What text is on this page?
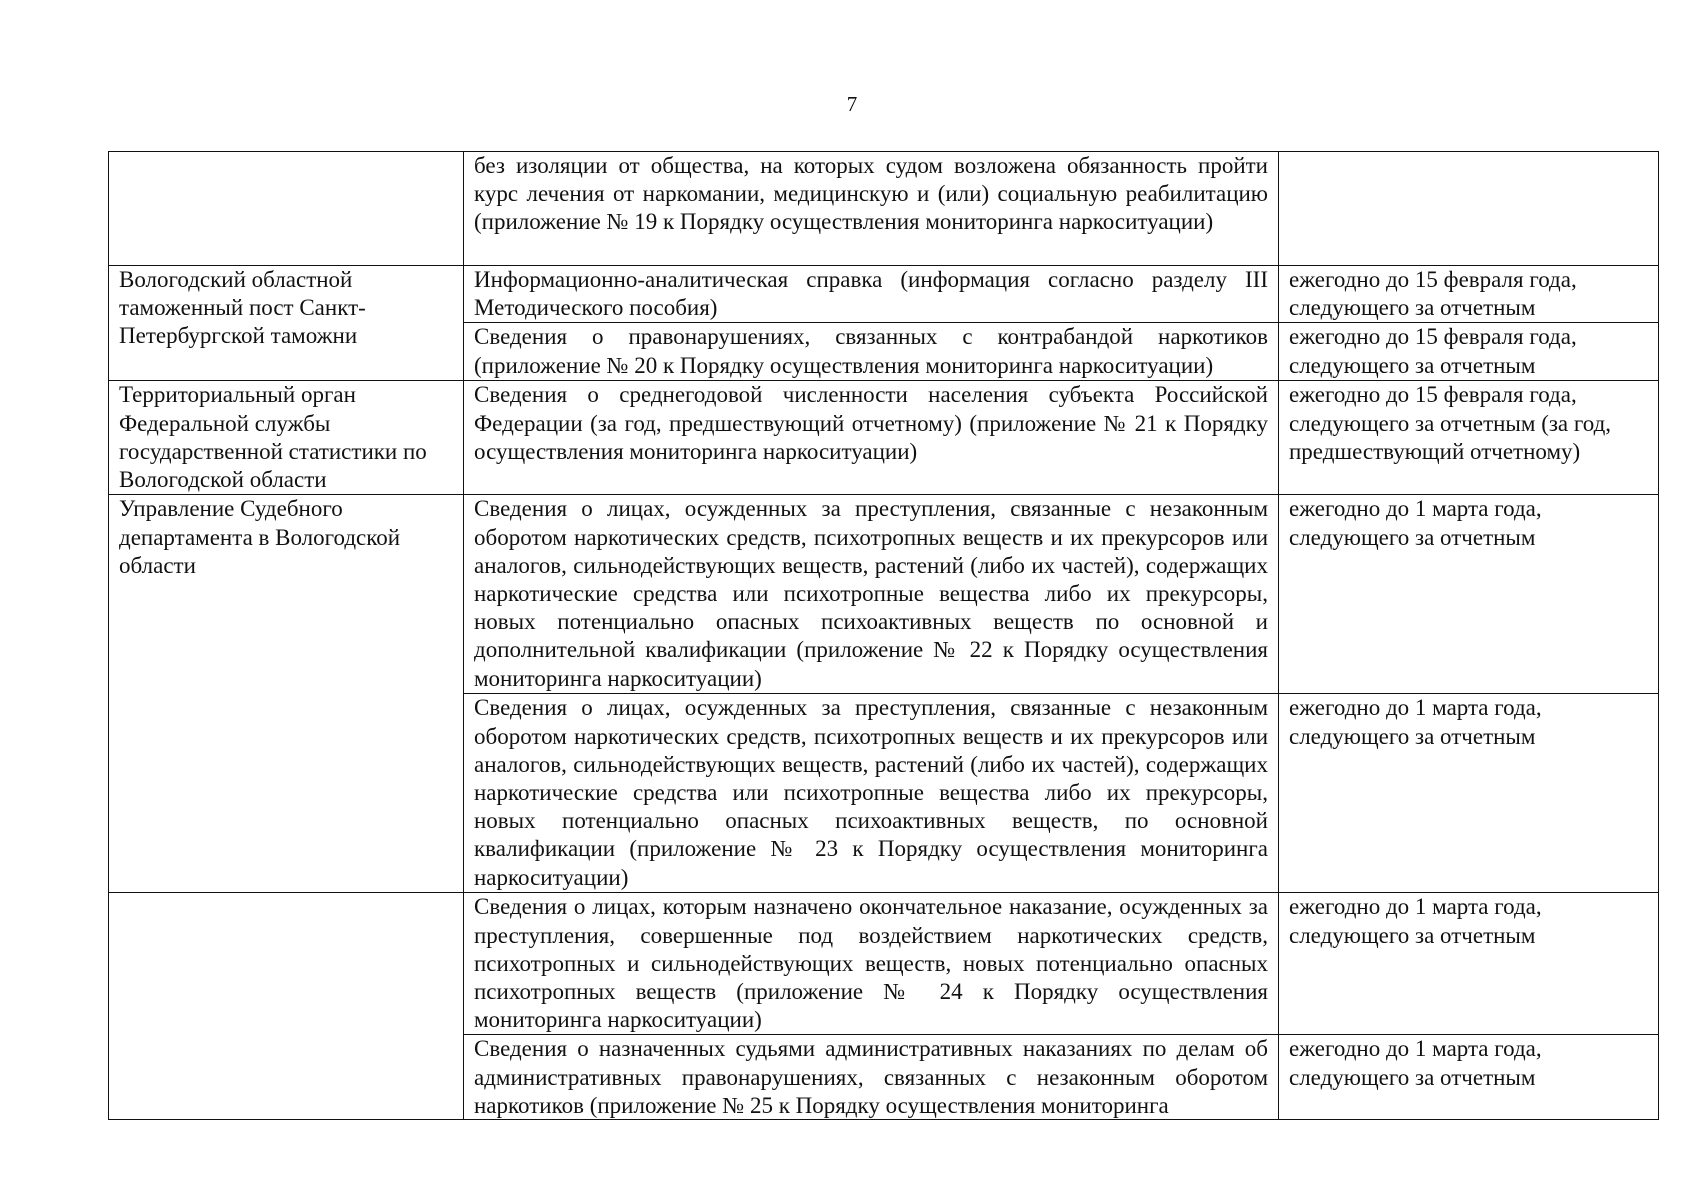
7
	без изоляции от общества, на которых судом возложена обязанность пройти курс лечения от наркомании, медицинскую и (или) социальную реабилитацию (приложение № 19 к Порядку осуществления мониторинга наркоситуации)	
Вологодский областной таможенный пост Санкт-Петербургской таможни	Информационно-аналитическая справка (информация согласно разделу III Методического пособия)	ежегодно до 15 февраля года, следующего за отчетным
	Сведения о правонарушениях, связанных с контрабандой наркотиков (приложение № 20 к Порядку осуществления мониторинга наркоситуации)	ежегодно до 15 февраля года, следующего за отчетным
Территориальный орган Федеральной службы государственной статистики по Вологодской области	Сведения о среднегодовой численности населения субъекта Российской Федерации (за год, предшествующий отчетному) (приложение № 21 к Порядку осуществления мониторинга наркоситуации)	ежегодно до 15 февраля года, следующего за отчетным (за год, предшествующий отчетному)
Управление Судебного департамента в Вологодской области	Сведения о лицах, осужденных за преступления, связанные с незаконным оборотом наркотических средств, психотропных веществ и их прекурсоров или аналогов, сильнодействующих веществ, растений (либо их частей), содержащих наркотические средства или психотропные вещества либо их прекурсоры, новых потенциально опасных психоактивных веществ по основной и дополнительной квалификации (приложение № 22 к Порядку осуществления мониторинга наркоситуации)	ежегодно до 1 марта года, следующего за отчетным
	Сведения о лицах, осужденных за преступления, связанные с незаконным оборотом наркотических средств, психотропных веществ и их прекурсоров или аналогов, сильнодействующих веществ, растений (либо их частей), содержащих наркотические средства или психотропные вещества либо их прекурсоры, новых потенциально опасных психоактивных веществ, по основной квалификации (приложение № 23 к Порядку осуществления мониторинга наркоситуации)	ежегодно до 1 марта года, следующего за отчетным
	Сведения о лицах, которым назначено окончательное наказание, осужденных за преступления, совершенные под воздействием наркотических средств, психотропных и сильнодействующих веществ, новых потенциально опасных психотропных веществ (приложение № 24 к Порядку осуществления мониторинга наркоситуации)	ежегодно до 1 марта года, следующего за отчетным

	Сведения о назначенных судьями административных наказаниях по делам об административных правонарушениях, связанных с незаконным оборотом наркотиков (приложение № 25 к Порядку осуществления мониторинга	ежегодно до 1 марта года, следующего за отчетным
